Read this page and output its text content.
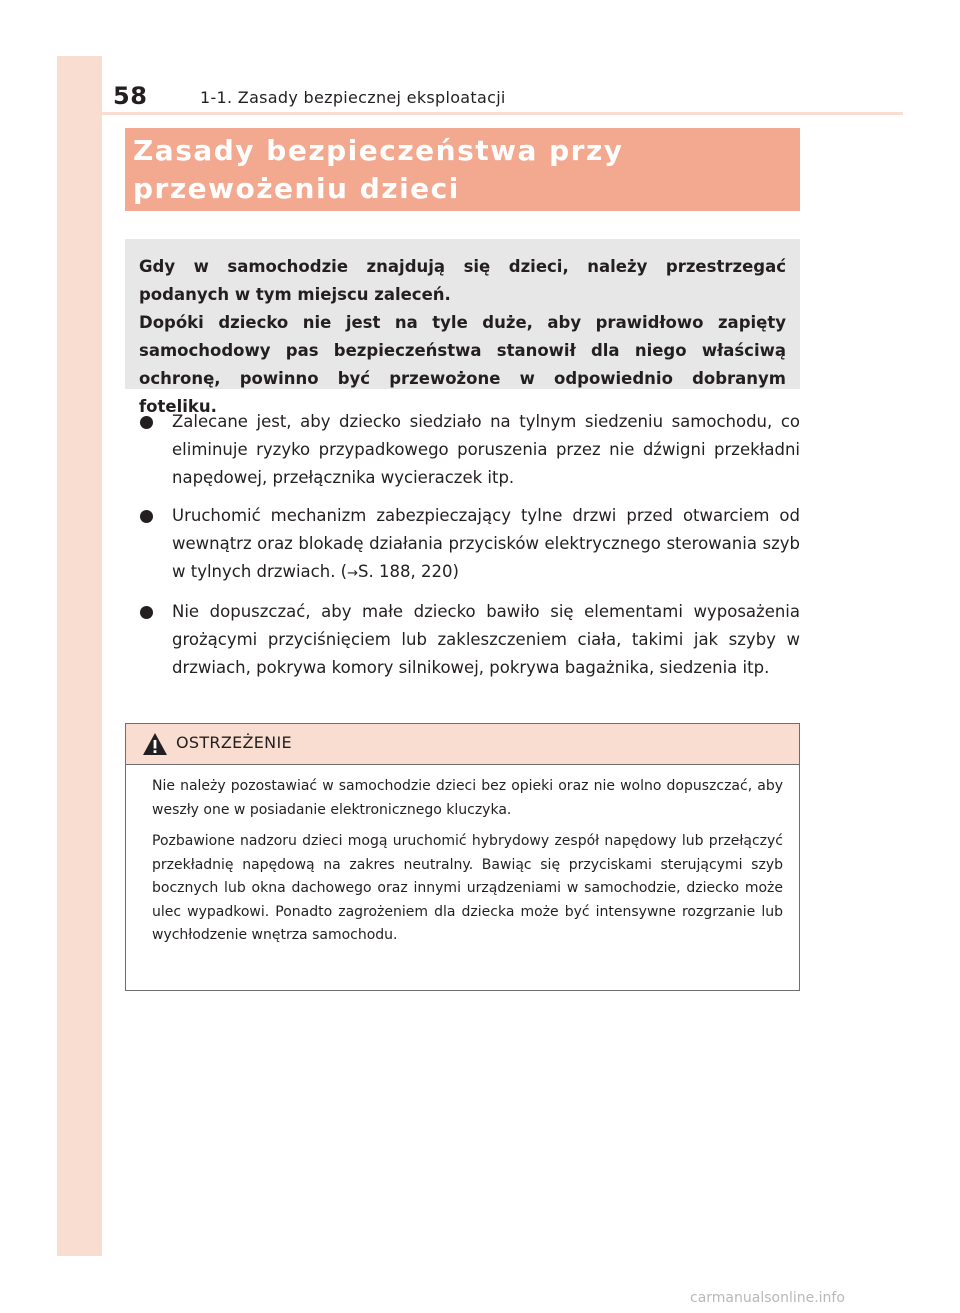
58	1-1. Zasady bezpiecznej eksploatacji
Zasady bezpieczeństwa przy przewożeniu dzieci

Gdy w samochodzie znajdują się dzieci, należy przestrzegać podanych w tym miejscu zaleceń.

Dopóki dziecko nie jest na tyle duże, aby prawidłowo zapięty samochodowy pas bezpieczeństwa stanowił dla niego właściwą ochronę, powinno być przewożone w odpowiednio dobranym foteliku.

Zalecane jest, aby dziecko siedziało na tylnym siedzeniu samochodu, co eliminuje ryzyko przypadkowego poruszenia przez nie dźwigni przekładni napędowej, przełącznika wycieraczek itp.
Uruchomić mechanizm zabezpieczający tylne drzwi przed otwarciem od wewnątrz oraz blokadę działania przycisków elektrycznego sterowania szyb w tylnych drzwiach. (→S. 188, 220)
Nie dopuszczać, aby małe dziecko bawiło się elementami wyposażenia grożącymi przyciśnięciem lub zakleszczeniem ciała, takimi jak szyby w drzwiach, pokrywa komory silnikowej, pokrywa bagażnika, siedzenia itp.
OSTRZEŻENIE

Nie należy pozostawiać w samochodzie dzieci bez opieki oraz nie wolno dopuszczać, aby weszły one w posiadanie elektronicznego kluczyka.

Pozbawione nadzoru dzieci mogą uruchomić hybrydowy zespół napędowy lub przełączyć przekładnię napędową na zakres neutralny. Bawiąc się przyciskami sterującymi szyb bocznych lub okna dachowego oraz innymi urządzeniami w samochodzie, dziecko może ulec wypadkowi. Ponadto zagrożeniem dla dziecka może być intensywne rozgrzanie lub wychłodzenie wnętrza samochodu.

carmanualsonline.info
